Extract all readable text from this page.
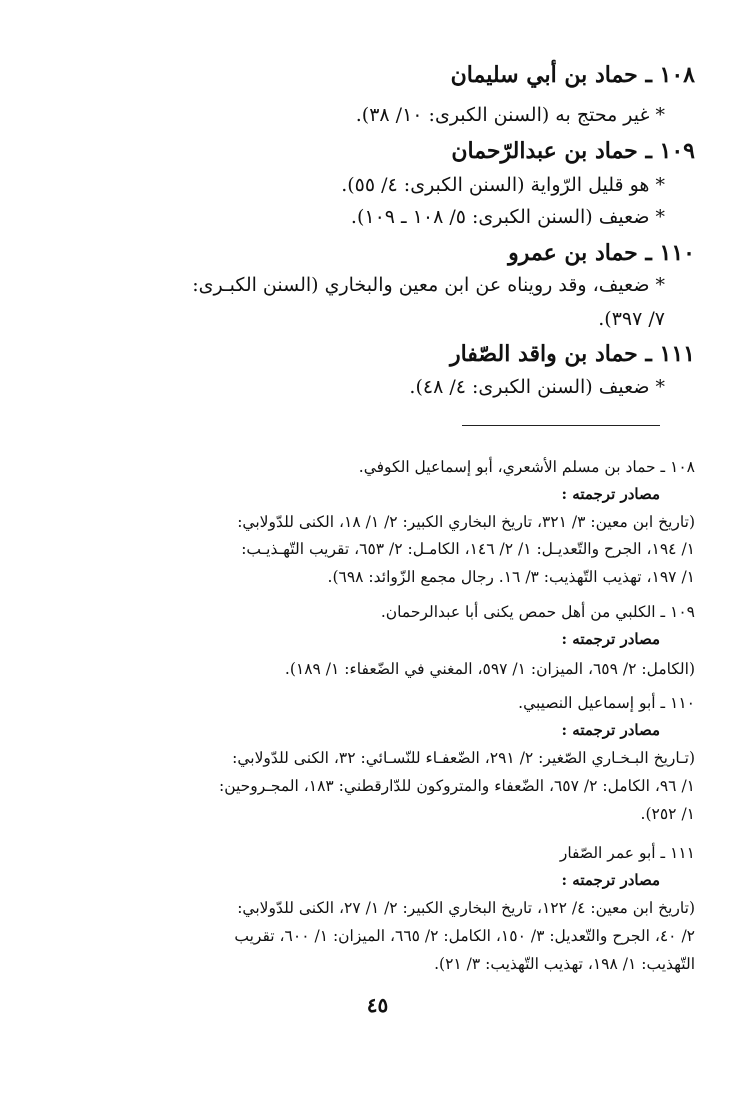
١٠٨ ـ حماد بن أبي سليمان
* غير محتج به (السنن الكبرى: ١٠/ ٣٨).
١٠٩ ـ حماد بن عبدالرّحمان
* هو قليل الرّواية (السنن الكبرى: ٤/ ٥٥).
* ضعيف (السنن الكبرى: ٥/ ١٠٨ ـ ١٠٩).
١١٠ ـ حماد بن عمرو
* ضعيف، وقد رويناه عن ابن معين والبخاري (السنن الكبـرى:
٧/ ٣٩٧).
١١١ ـ حماد بن واقد الصّفار
* ضعيف (السنن الكبرى: ٤/ ٤٨).
١٠٨ ـ حماد بن مسلم الأشعري، أبو إسماعيل الكوفي.
مصادر ترجمته :
(تاريخ ابن معين: ٣/ ٣٢١، تاريخ البخاري الكبير: ٢/ ١/ ١٨، الكنى للدّولابي:
١/ ١٩٤، الجرح والتّعديـل: ١/ ٢/ ١٤٦، الكامـل: ٢/ ٦٥٣، تقريب التّهـذيـب:
١/ ١٩٧، تهذيب التّهذيب: ٣/ ١٦. رجال مجمع الزّوائد: ٦٩٨).
١٠٩ ـ الكلبي من أهل حمص يكنى أبا عبدالرحمان.
مصادر ترجمته :
(الكامل: ٢/ ٦٥٩، الميزان: ١/ ٥٩٧، المغني في الضّعفاء: ١/ ١٨٩).
١١٠ ـ أبو إسماعيل النصيبي.
مصادر ترجمته :
(تـاريخ البـخـاري الصّغير: ٢/ ٢٩١، الضّعفـاء للنّسـائي: ٣٢، الكنى للدّولابي:
١/ ٩٦، الكامل: ٢/ ٦٥٧، الضّعفاء والمتروكون للدّارقطني: ١٨٣، المجـروحين:
١/ ٢٥٢).
١١١ ـ أبو عمر الصّفار
مصادر ترجمته :
(تاريخ ابن معين: ٤/ ١٢٢، تاريخ البخاري الكبير: ٢/ ١/ ٢٧، الكنى للدّولابي:
٢/ ٤٠، الجرح والتّعديل: ٣/ ١٥٠، الكامل: ٢/ ٦٦٥، الميزان: ١/ ٦٠٠، تقريب
التّهذيب: ١/ ١٩٨، تهذيب التّهذيب: ٣/ ٢١).
٤٥
